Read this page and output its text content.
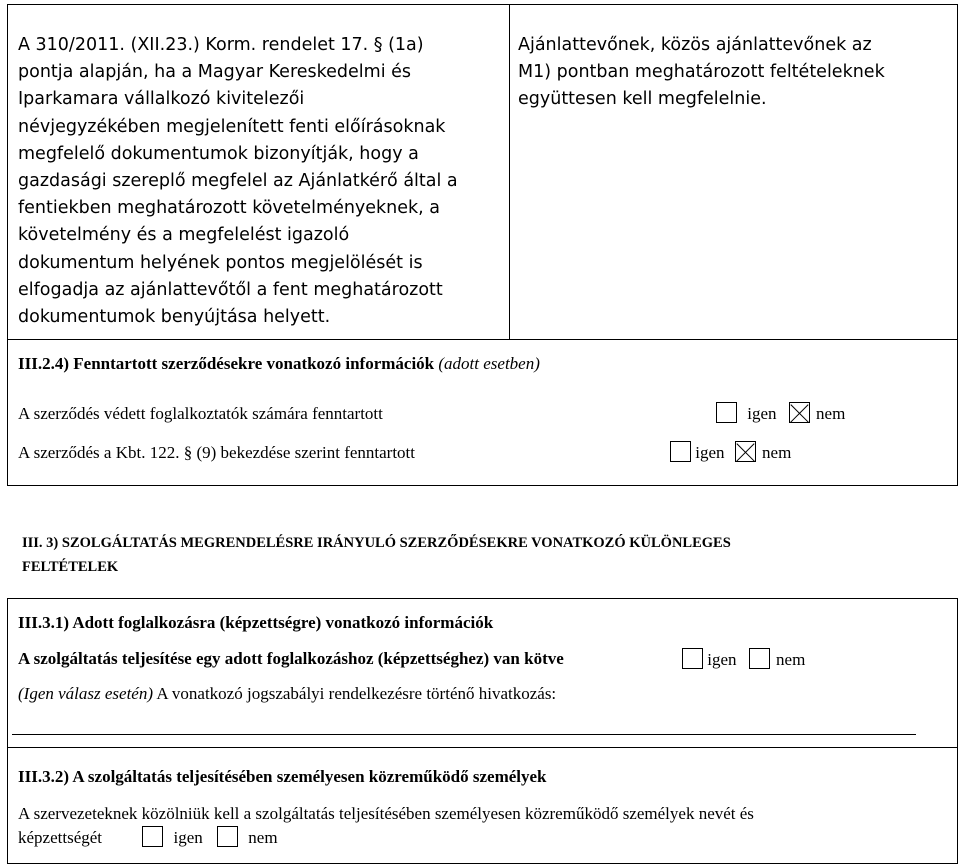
A 310/2011. (XII.23.) Korm. rendelet 17. § (1a)
pontja alapján, ha a Magyar Kereskedelmi és
Iparkamara vállalkozó kivitelezői
névjegyzékében megjelenített fenti előírásoknak
megfelelő dokumentumok bizonyítják, hogy a
gazdasági szereplő megfelel az Ajánlatkérő által a
fentiekben meghatározott követelményeknek, a
követelmény és a megfelelést igazoló
dokumentum helyének pontos megjelölését is
elfogadja az ajánlattevőtől a fent meghatározott
dokumentumok benyújtása helyett.
Ajánlattevőnek, közös ajánlattevőnek az
M1) pontban meghatározott feltételeknek
együttesen kell megfelelnie.
III.2.4) Fenntartott szerződésekre vonatkozó információk (adott esetben)
A szerződés védett foglalkoztatók számára fenntartott	igen nem
A szerződés a Kbt. 122. § (9) bekezdése szerint fenntartott	igen nem
III. 3) SZOLGÁLTATÁS MEGRENDELÉSRE IRÁNYULÓ SZERZŐDÉSEKRE VONATKOZÓ KÜLÖNLEGES
FELTÉTELEK
III.3.1) Adott foglalkozásra (képzettségre) vonatkozó információk
A szolgáltatás teljesítése egy adott foglalkozáshoz (képzettséghez) van kötve	igen nem
(Igen válasz esetén) A vonatkozó jogszabályi rendelkezésre történő hivatkozás:
III.3.2) A szolgáltatás teljesítésében személyesen közreműködő személyek
A szervezeteknek közölniük kell a szolgáltatás teljesítésében személyesen közreműködő személyek nevét és
képzettségét	igen	nem
